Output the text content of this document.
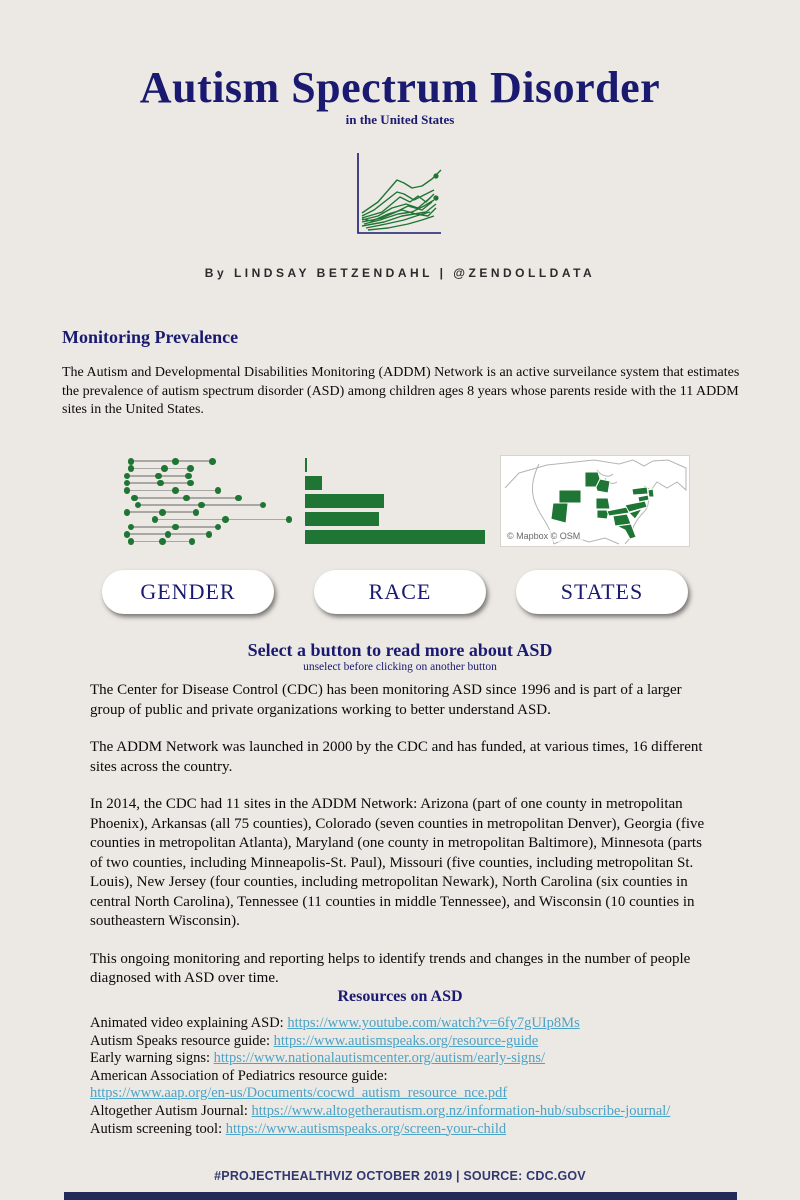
Autism Spectrum Disorder
in the United States
By LINDSAY BETZENDAHL | @ZENDOLLDATA
Monitoring Prevalence
The Autism and Developmental Disabilities Monitoring (ADDM) Network is an active surveilance system that estimates the prevalence of autism spectrum disorder (ASD) among children ages 8 years whose parents reside with the 11 ADDM sites in the United States.
© Mapbox © OSM
GENDER	RACE	STATES
Select a button to read more about ASD
unselect before clicking on another button

The Center for Disease Control (CDC) has been monitoring ASD since 1996 and is part of a larger group of public and private organizations working to better understand ASD.

The ADDM Network was launched in 2000 by the CDC and has funded, at various times, 16 different sites across the country.

In 2014, the CDC had 11 sites in the ADDM Network: Arizona (part of one county in metropolitan Phoenix), Arkansas (all 75 counties), Colorado (seven counties in metropolitan Denver), Georgia (five counties in metropolitan Atlanta), Maryland (one county in metropolitan Baltimore), Minnesota (parts of two counties, including Minneapolis-St. Paul), Missouri (five counties, including metropolitan St. Louis), New Jersey (four counties, including metropolitan Newark), North Carolina (six counties in central North Carolina), Tennessee (11 counties in middle Tennessee), and Wisconsin (10 counties in southeastern Wisconsin).

This ongoing monitoring and reporting helps to identify trends and changes in the number of people diagnosed with ASD over time.

Resources on ASD
Animated video explaining ASD: https://www.youtube.com/watch?v=6fy7gUIp8Ms
Autism Speaks resource guide: https://www.autismspeaks.org/resource-guide
Early warning signs: https://www.nationalautismcenter.org/autism/early-signs/
American Association of Pediatrics resource guide:
https://www.aap.org/en-us/Documents/cocwd_autism_resource_nce.pdf
Altogether Autism Journal: https://www.altogetherautism.org.nz/information-hub/subscribe-journal/
Autism screening tool: https://www.autismspeaks.org/screen-your-child
#PROJECTHEALTHVIZ OCTOBER 2019 | SOURCE: CDC.GOV
